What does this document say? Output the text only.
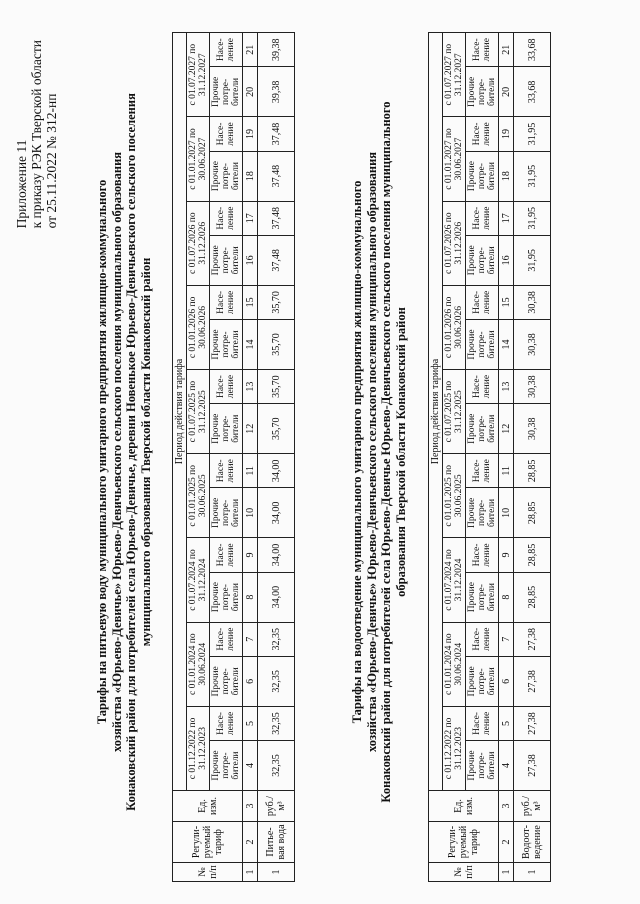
Приложение 11 к приказу РЭК Тверской области от 25.11.2022 № 312-нп
Тарифы на питьевую воду муниципального унитарного предприятия жилищно-коммунального хозяйства «Юрьево-Девичье» Юрьево-Девичьевского сельского поселения муниципального образования Конаковский район для потребителей села Юрьево-Девичье, деревни Новенькое Юрьево-Девичьевского сельского поселения муниципального образования Тверской области Конаковский район
№ п/п	Регули-руемый тариф	Ед. изм.	Период действия тарифа																	
			с 01.12.2022 по 31.12.2023		с 01.01.2024 по 30.06.2024		с 01.07.2024 по 31.12.2024		с 01.01.2025 по 30.06.2025		с 01.07.2025 по 31.12.2025		с 01.01.2026 по 30.06.2026		с 01.07.2026 по 31.12.2026		с 01.01.2027 по 30.06.2027		с 01.07.2027 по 31.12.2027	
			Прочие потре-бители	Насе-ление	Прочие потре-бители	Насе-ление	Прочие потре-бители	Насе-ление	Прочие потре-бители	Насе-ление	Прочие потре-бители	Насе-ление	Прочие потре-бители	Насе-ление	Прочие потре-бители	Насе-ление	Прочие потре-бители	Насе-ление	Прочие потре-бители	Насе-ление
1	2	3	4	5	6	7	8	9	10	11	12	13	14	15	16	17	18	19	20	21
1	Питье-вая вода	руб./м³	32,35	32,35	32,35	32,35	34,00	34,00	34,00	34,00	35,70	35,70	35,70	35,70	37,48	37,48	37,48	37,48	39,38	39,38
Тарифы на водоотведение муниципального унитарного предприятия жилищно-коммунального хозяйства «Юрьево-Девичье» Юрьево-Девичьевского сельского поселения муниципального образования Конаковский район для потребителей села Юрьево-Девичье Юрьево-Девичьевского сельского поселения муниципального образования Тверской области Конаковский район
№ п/п	Регули-руемый тариф	Ед. изм.	Период действия тарифа																	
			с 01.12.2022 по 31.12.2023		с 01.01.2024 по 30.06.2024		с 01.07.2024 по 31.12.2024		с 01.01.2025 по 30.06.2025		с 01.07.2025 по 31.12.2025		с 01.01.2026 по 30.06.2026		с 01.07.2026 по 31.12.2026		с 01.01.2027 по 30.06.2027		с 01.07.2027 по 31.12.2027	
			Прочие потре-бители	Насе-ление	Прочие потре-бители	Насе-ление	Прочие потре-бители	Насе-ление	Прочие потре-бители	Насе-ление	Прочие потре-бители	Насе-ление	Прочие потре-бители	Насе-ление	Прочие потре-бители	Насе-ление	Прочие потре-бители	Насе-ление	Прочие потре-бители	Насе-ление
1	2	3	4	5	6	7	8	9	10	11	12	13	14	15	16	17	18	19	20	21
1	Водоот-ведение	руб./м³	27,38	27,38	27,38	27,38	28,85	28,85	28,85	28,85	30,38	30,38	30,38	30,38	31,95	31,95	31,95	31,95	33,68	33,68
